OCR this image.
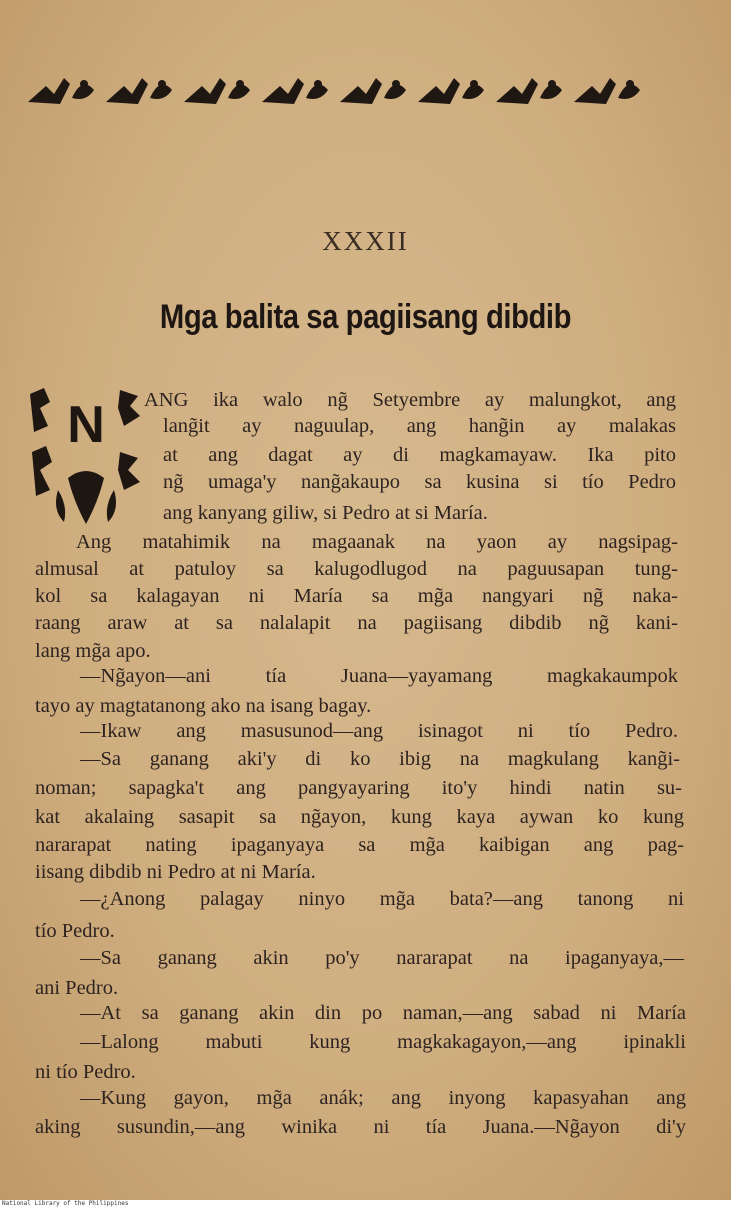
XXXII
Mga balita sa pagiisang dibdib
N ANG ika walo ng̃ Setyembre ay malungkot, ang
lang̃it ay naguulap, ang hang̃in ay malakas
at ang dagat ay di magkamayaw. Ika pito
ng̃ umaga'y nang̃akaupo sa kusina si tío Pedro
ang kanyang giliw, si Pedro at si María.
Ang matahimik na magaanak na yaon ay nagsipag-
almusal at patuloy sa kalugodlugod na paguusapan tung-
kol sa kalagayan ni María sa mg̃a nangyari ng̃ naka-
raang araw at sa nalalapit na pagiisang dibdib ng̃ kani-
lang mg̃a apo.
—Ng̃ayon—ani tía Juana—yayamang magkakaumpok
tayo ay magtatanong ako na isang bagay.
—Ikaw ang masusunod—ang isinagot ni tío Pedro.
—Sa ganang aki'y di ko ibig na magkulang kang̃i-
noman; sapagka't ang pangyayaring ito'y hindi natin su-
kat akalaing sasapit sa ng̃ayon, kung kaya aywan ko kung
nararapat nating ipaganyaya sa mg̃a kaibigan ang pag-
iisang dibdib ni Pedro at ni María.
—¿Anong palagay ninyo mg̃a bata?—ang tanong ni
tío Pedro.
—Sa ganang akin po'y nararapat na ipaganyaya,—
ani Pedro.
—At sa ganang akin din po naman,—ang sabad ni María
—Lalong mabuti kung magkakagayon,—ang ipinakli
ni tío Pedro.
—Kung gayon, mg̃a anák; ang inyong kapasyahan ang
aking susundin,—ang winika ni tía Juana.—Ng̃ayon di'y
National Library of the Philippines
